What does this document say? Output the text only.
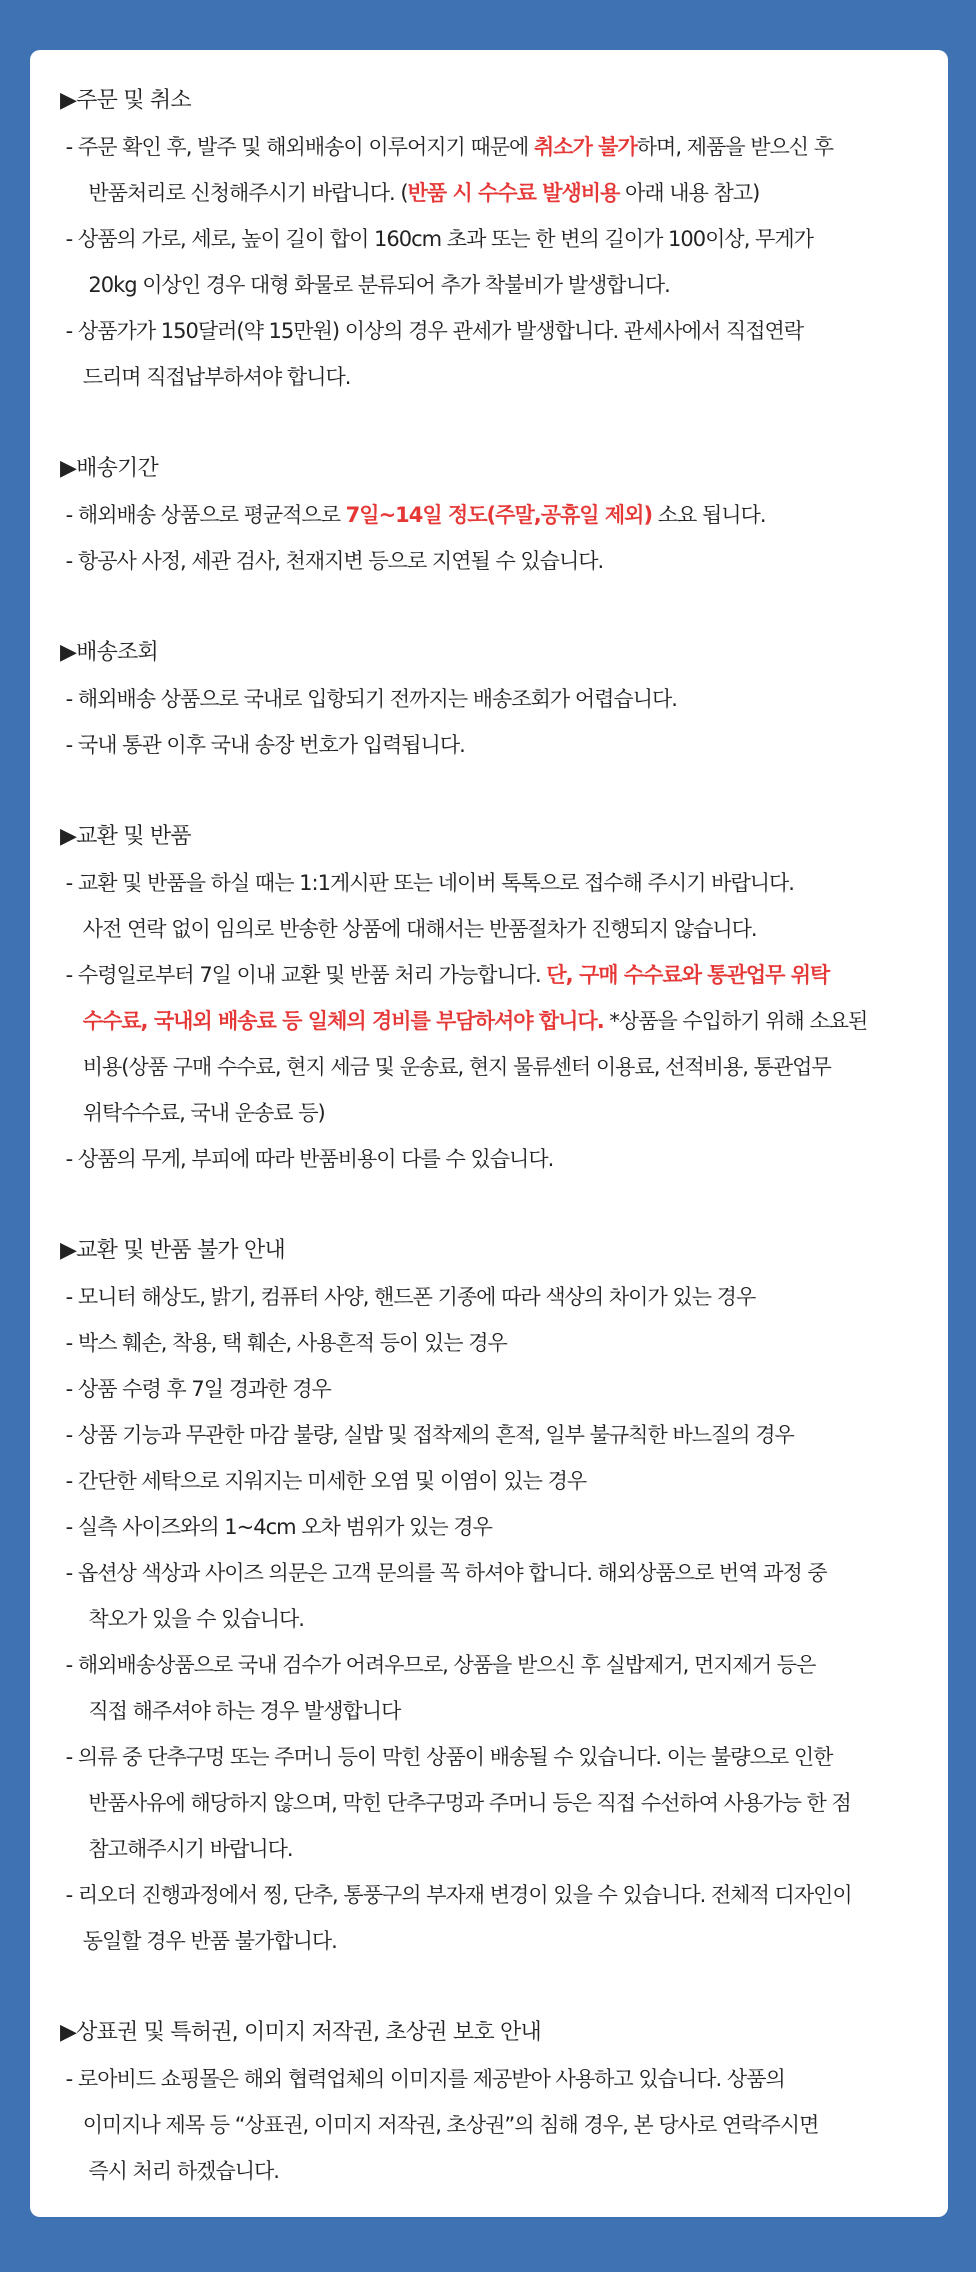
▶주문 및 취소
- 주문 확인 후, 발주 및 해외배송이 이루어지기 때문에 취소가 불가하며, 제품을 받으신 후
반품처리로 신청해주시기 바랍니다. (반품 시 수수료 발생비용 아래 내용 참고)
- 상품의 가로, 세로, 높이 길이 합이 160cm 초과 또는 한 변의 길이가 100이상, 무게가
20kg 이상인 경우 대형 화물로 분류되어 추가 착불비가 발생합니다.
- 상품가가 150달러(약 15만원) 이상의 경우 관세가 발생합니다. 관세사에서 직접연락
드리며 직접납부하셔야 합니다.
▶배송기간
- 해외배송 상품으로 평균적으로 7일~14일 정도(주말,공휴일 제외) 소요 됩니다.
- 항공사 사정, 세관 검사, 천재지변 등으로 지연될 수 있습니다.
▶배송조회
- 해외배송 상품으로 국내로 입항되기 전까지는 배송조회가 어렵습니다.
- 국내 통관 이후 국내 송장 번호가 입력됩니다.
▶교환 및 반품
- 교환 및 반품을 하실 때는 1:1게시판 또는 네이버 톡톡으로 접수해 주시기 바랍니다.
사전 연락 없이 임의로 반송한 상품에 대해서는 반품절차가 진행되지 않습니다.
- 수령일로부터 7일 이내 교환 및 반품 처리 가능합니다. 단, 구매 수수료와 통관업무 위탁
수수료, 국내외 배송료 등 일체의 경비를 부담하셔야 합니다. *상품을 수입하기 위해 소요된
비용(상품 구매 수수료, 현지 세금 및 운송료, 현지 물류센터 이용료, 선적비용, 통관업무
위탁수수료, 국내 운송료 등)
- 상품의 무게, 부피에 따라 반품비용이 다를 수 있습니다.
▶교환 및 반품 불가 안내
- 모니터 해상도, 밝기, 컴퓨터 사양, 핸드폰 기종에 따라 색상의 차이가 있는 경우
- 박스 훼손, 착용, 택 훼손, 사용흔적 등이 있는 경우
- 상품 수령 후 7일 경과한 경우
- 상품 기능과 무관한 마감 불량, 실밥 및 접착제의 흔적, 일부 불규칙한 바느질의 경우
- 간단한 세탁으로 지워지는 미세한 오염 및 이염이 있는 경우
- 실측 사이즈와의 1~4cm 오차 범위가 있는 경우
- 옵션상 색상과 사이즈 의문은 고객 문의를 꼭 하셔야 합니다. 해외상품으로 번역 과정 중
착오가 있을 수 있습니다.
- 해외배송상품으로 국내 검수가 어려우므로, 상품을 받으신 후 실밥제거, 먼지제거 등은
직접 해주셔야 하는 경우 발생합니다
- 의류 중 단추구멍 또는 주머니 등이 막힌 상품이 배송될 수 있습니다. 이는 불량으로 인한
반품사유에 해당하지 않으며, 막힌 단추구멍과 주머니 등은 직접 수선하여 사용가능 한 점
참고해주시기 바랍니다.
- 리오더 진행과정에서 찡, 단추, 통풍구의 부자재 변경이 있을 수 있습니다. 전체적 디자인이
동일할 경우 반품 불가합니다.
▶상표권 및 특허권, 이미지 저작권, 초상권 보호 안내
- 로아비드 쇼핑몰은 해외 협력업체의 이미지를 제공받아 사용하고 있습니다. 상품의
이미지나 제목 등 “상표권, 이미지 저작권, 초상권”의 침해 경우, 본 당사로 연락주시면
즉시 처리 하겠습니다.
